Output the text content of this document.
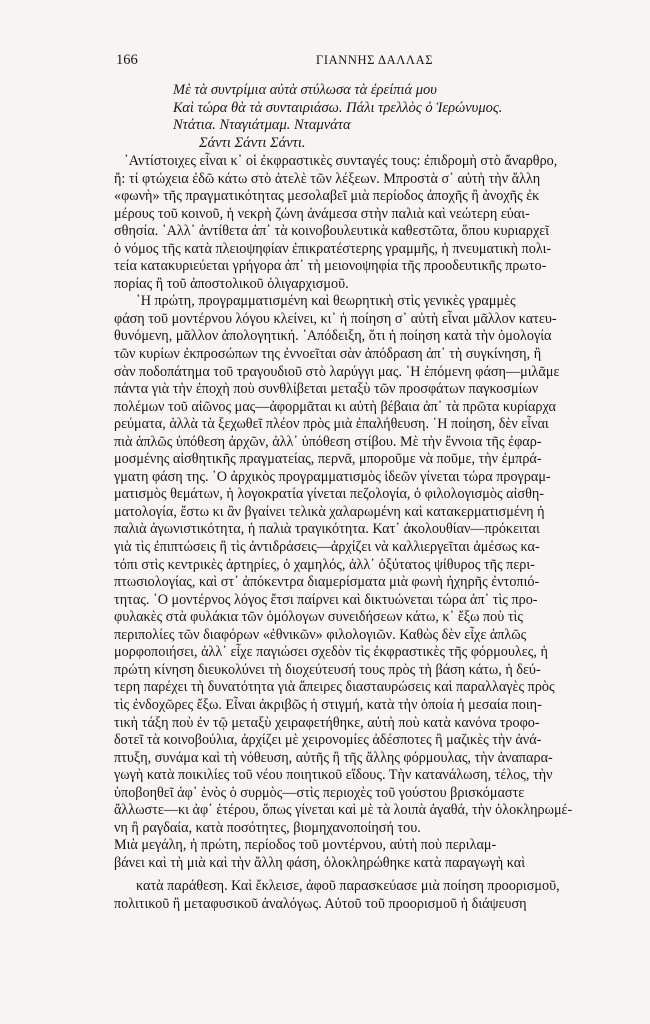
166	ΓΙΑΝΝΗΣ ΔΑΛΛΑΣ
Μὲ τὰ συντρίμια αὐτὰ στύλωσα τὰ ἐρείπιά μου
Καὶ τώρα θὰ τὰ συνταιριάσω. Πάλι τρελλὸς ὁ Ἱερώνυμος.
Ντάτια. Νταγιάτμαμ. Νταμνάτα
Σάντι Σάντι Σάντι.
᾿Αντίστοιχες εἶναι κ᾿ οἱ ἐκφραστικὲς συνταγές τους: ἐπιδρομὴ στὸ ἄναρθρο,
ἤ: τί φτώχεια ἐδῶ κάτω στὸ ἀτελὲ τῶν λέξεων. Μπροστὰ σ᾿ αὐτὴ τὴν ἄλλη
«φωνὴ» τῆς πραγματικότητας μεσολαβεῖ μιὰ περίοδος ἀποχῆς ἢ ἀνοχῆς ἐκ
μέρους τοῦ κοινοῦ, ἡ νεκρὴ ζώνη ἀνάμεσα στὴν παλιὰ καὶ νεώτερη εὐαι-
σθησία. ᾿Αλλ᾿ ἀντίθετα ἀπ᾿ τὰ κοινοβουλευτικὰ καθεστῶτα, ὅπου κυριαρχεῖ
ὁ νόμος τῆς κατὰ πλειοψηφίαν ἐπικρατέστερης γραμμῆς, ἡ πνευματικὴ πολι-
τεία κατακυριεύεται γρήγορα ἀπ᾿ τὴ μειονοψηφία τῆς προοδευτικῆς πρωτο-
πορίας ἢ τοῦ ἀποστολικοῦ ὀλιγαρχισμοῦ.
῾Η πρώτη, προγραμματισμένη καὶ θεωρητικὴ στὶς γενικὲς γραμμὲς
φάση τοῦ μοντέρνου λόγου κλείνει, κι᾿ ἡ ποίηση σ᾿ αὐτὴ εἶναι μᾶλλον κατευ-
θυνόμενη, μᾶλλον ἀπολογητική. ᾿Απόδειξη, ὅτι ἡ ποίηση κατὰ τὴν ὁμολογία
τῶν κυρίων ἐκπροσώπων της ἐννοεῖται σὰν ἀπόδραση ἀπ᾿ τὴ συγκίνηση, ἢ
σὰν ποδοπάτημα τοῦ τραγουδιοῦ στὸ λαρύγγι μας. ῾Η ἑπόμενη φάση—μιλᾶμε
πάντα γιὰ τὴν ἐποχὴ ποὺ συνθλίβεται μεταξὺ τῶν προσφάτων παγκοσμίων
πολέμων τοῦ αἰῶνος μας—ἀφορμᾶται κι αὐτὴ βέβαια ἀπ᾿ τὰ πρῶτα κυρίαρχα
ρεύματα, ἀλλὰ τὰ ξεχωθεῖ πλέον πρὸς μιὰ ἐπαλήθευση. ῾Η ποίηση, δὲν εἶναι
πιὰ ἁπλῶς ὑπόθεση ἀρχῶν, ἀλλ᾿ ὑπόθεση στίβου. Μὲ τὴν ἔννοια τῆς ἐφαρ-
μοσμένης αἰσθητικῆς πραγματείας, περνᾶ, μποροῦμε νὰ ποῦμε, τὴν ἐμπρά-
γματη φάση της. ῾Ο ἀρχικὸς προγραμματισμὸς ἰδεῶν γίνεται τώρα προγραμ-
ματισμὸς θεμάτων, ἡ λογοκρατία γίνεται πεζολογία, ὁ φιλολογισμὸς αἰσθη-
ματολογία, ἔστω κι ἂν βγαίνει τελικὰ χαλαρωμένη καὶ κατακερματισμένη ἡ
παλιὰ ἀγωνιστικότητα, ἡ παλιὰ τραγικότητα. Κατ᾿ ἀκολουθίαν—πρόκειται
γιὰ τὶς ἐπιπτώσεις ἢ τὶς ἀντιδράσεις—ἀρχίζει νὰ καλλιεργεῖται ἀμέσως κα-
τόπι στὶς κεντρικὲς ἀρτηρίες, ὁ χαμηλός, ἀλλ᾿ ὀξύτατος ψίθυρος τῆς περι-
πτωσιολογίας, καὶ στ᾿ ἀπόκεντρα διαμερίσματα μιὰ φωνὴ ἠχηρῆς ἐντοπιό-
τητας. ῾Ο μοντέρνος λόγος ἔτσι παίρνει καὶ δικτυώνεται τώρα ἀπ᾿ τὶς προ-
φυλακὲς στὰ φυλάκια τῶν ὁμόλογων συνειδήσεων κάτω, κ᾿ ἔξω ποὺ τὶς
περιπολίες τῶν διαφόρων «ἐθνικῶν» φιλολογιῶν. Καθὼς δὲν εἶχε ἁπλῶς
μορφοποιήσει, ἀλλ᾿ εἶχε παγιώσει σχεδὸν τὶς ἐκφραστικὲς τῆς φόρμουλες, ἡ
πρώτη κίνηση διευκολύνει τὴ διοχεύτευσή τους πρὸς τὴ βάση κάτω, ἡ δεύ-
τερη παρέχει τὴ δυνατότητα γιὰ ἄπειρες διασταυρώσεις καὶ παραλλαγὲς πρὸς
τὶς ἐνδοχῶρες ἔξω. Εἶναι ἀκριβῶς ἡ στιγμή, κατὰ τὴν ὁποία ἡ μεσαία ποιη-
τικὴ τάξη ποὺ ἐν τῷ μεταξὺ χειραφετήθηκε, αὐτὴ ποὺ κατὰ κανόνα τροφο-
δοτεῖ τὰ κοινοβούλια, ἀρχίζει μὲ χειρονομίες ἀδέσποτες ἢ μαζικὲς τὴν ἀνά-
πτυξη, συνάμα καὶ τὴ νόθευση, αὐτῆς ἢ τῆς ἄλλης φόρμουλας, τὴν ἀναπαρα-
γωγὴ κατὰ ποικιλίες τοῦ νέου ποιητικοῦ εἴδους. Τὴν κατανάλωση, τέλος, τὴν
ὑποβοηθεῖ ἀφ᾿ ἑνὸς ὁ συρμὸς—στὶς περιοχὲς τοῦ γούστου βρισκόμαστε
ἄλλωστε—κι ἀφ᾿ ἑτέρου, ὅπως γίνεται καὶ μὲ τὰ λοιπὰ ἀγαθά, τὴν ὁλοκληρωμέ-
νη ἢ ραγδαία, κατὰ ποσότητες, βιομηχανοποίησή του.
Μιὰ μεγάλη, ἡ πρώτη, περίοδος τοῦ μοντέρνου, αὐτὴ ποὺ περιλαμ-
βάνει καὶ τὴ μιὰ καὶ τὴν ἄλλη φάση, ὁλοκληρώθηκε κατὰ παραγωγὴ καὶ
κατὰ παράθεση. Καὶ ἔκλεισε, ἀφοῦ παρασκεύασε μιὰ ποίηση προορισμοῦ,
πολιτικοῦ ἢ μεταφυσικοῦ ἀναλόγως. Αὐτοῦ τοῦ προορισμοῦ ἡ διάψευση
